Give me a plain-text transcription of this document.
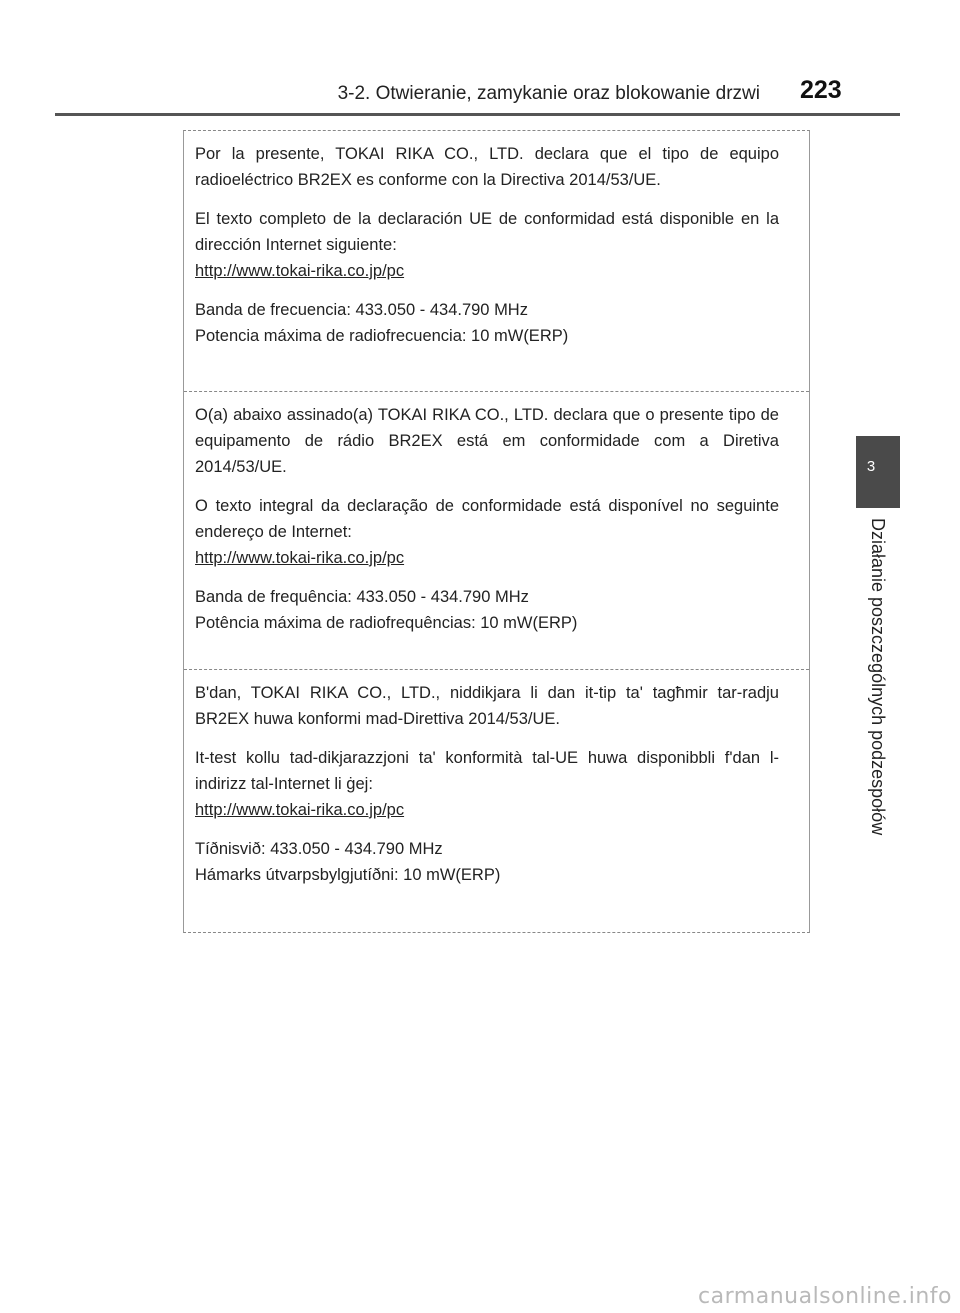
3-2. Otwieranie, zamykanie oraz blokowanie drzwi 223
3
Działanie poszczególnych podzespołów

Por la presente, TOKAI RIKA CO., LTD. declara que el tipo de equipo radioeléctrico BR2EX es conforme con la Directiva 2014/53/UE.

El texto completo de la declaración UE de conformidad está disponible en la dirección Internet siguiente:

http://www.tokai-rika.co.jp/pc

Banda de frecuencia: 433.050 - 434.790 MHz
Potencia máxima de radiofrecuencia: 10 mW(ERP)

O(a) abaixo assinado(a) TOKAI RIKA CO., LTD. declara que o presente tipo de equipamento de rádio BR2EX está em conformidade com a Diretiva 2014/53/UE.

O texto integral da declaração de conformidade está disponível no seguinte endereço de Internet:

http://www.tokai-rika.co.jp/pc

Banda de frequência: 433.050 - 434.790 MHz
Potência máxima de radiofrequências: 10 mW(ERP)

B'dan, TOKAI RIKA CO., LTD., niddikjara li dan it-tip ta' tagħmir tar-radju BR2EX huwa konformi mad-Direttiva 2014/53/UE.

It-test kollu tad-dikjarazzjoni ta' konformità tal-UE huwa disponibbli f'dan l-indirizz tal-Internet li ġej:

http://www.tokai-rika.co.jp/pc

Tíðnisvið: 433.050 - 434.790 MHz
Hámarks útvarpsbylgjutíðni: 10 mW(ERP)

carmanualsonline.info
